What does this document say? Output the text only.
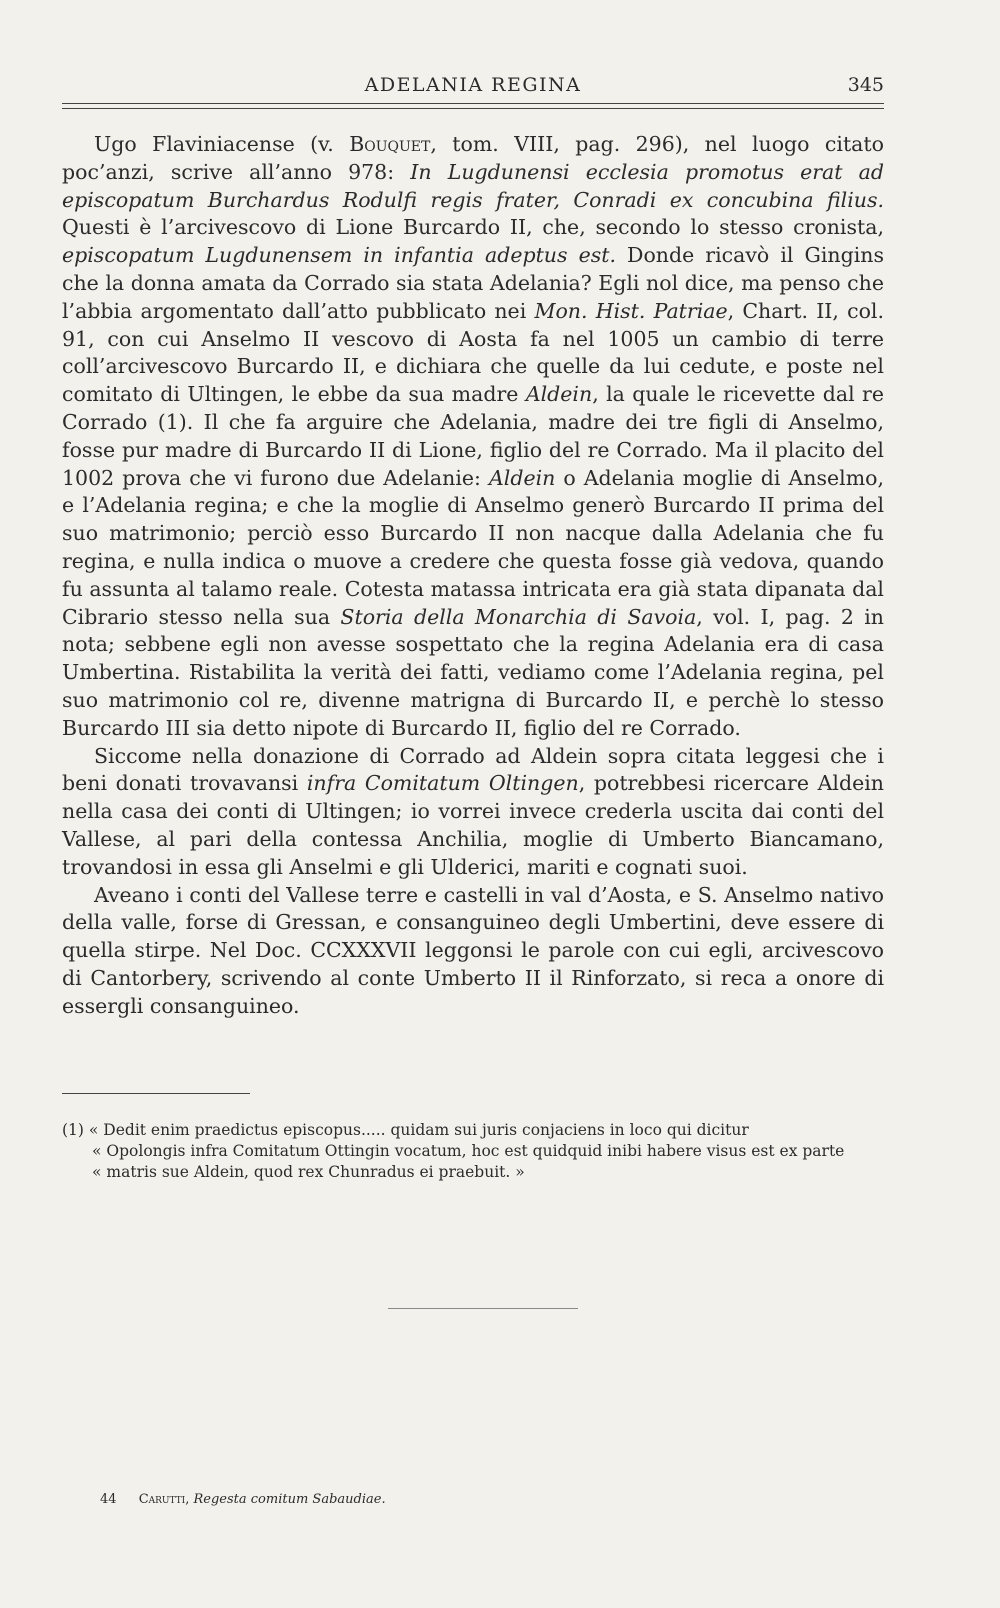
ADELANIA REGINA	345

Ugo Flaviniacense (v. Bouquet, tom. VIII, pag. 296), nel luogo citato poc’anzi, scrive all’anno 978: In Lugdunensi ecclesia promotus erat ad episcopatum Burchardus Rodulfi regis frater, Conradi ex concubina filius. Questi è l’arcivescovo di Lione Burcardo II, che, secondo lo stesso cronista, episcopatum Lugdunensem in infantia adeptus est. Donde ricavò il Gingins che la donna amata da Corrado sia stata Adelania? Egli nol dice, ma penso che l’abbia argomentato dall’atto pubblicato nei Mon. Hist. Patriae, Chart. II, col. 91, con cui Anselmo II vescovo di Aosta fa nel 1005 un cambio di terre coll’arcivescovo Burcardo II, e dichiara che quelle da lui cedute, e poste nel comitato di Ultingen, le ebbe da sua madre Aldein, la quale le ricevette dal re Corrado (1). Il che fa arguire che Adelania, madre dei tre figli di Anselmo, fosse pur madre di Burcardo II di Lione, figlio del re Corrado. Ma il placito del 1002 prova che vi furono due Adelanie: Aldein o Adelania moglie di Anselmo, e l’Adelania regina; e che la moglie di Anselmo generò Burcardo II prima del suo matrimonio; perciò esso Burcardo II non nacque dalla Adelania che fu regina, e nulla indica o muove a credere che questa fosse già vedova, quando fu assunta al talamo reale. Cotesta matassa intricata era già stata dipanata dal Cibrario stesso nella sua Storia della Monarchia di Savoia, vol. I, pag. 2 in nota; sebbene egli non avesse sospettato che la regina Adelania era di casa Umbertina. Ristabilita la verità dei fatti, vediamo come l’Adelania regina, pel suo matrimonio col re, divenne matrigna di Burcardo II, e perchè lo stesso Burcardo III sia detto nipote di Burcardo II, figlio del re Corrado.

Siccome nella donazione di Corrado ad Aldein sopra citata leggesi che i beni donati trovavansi infra Comitatum Oltingen, potrebbesi ricercare Aldein nella casa dei conti di Ultingen; io vorrei invece crederla uscita dai conti del Vallese, al pari della contessa Anchilia, moglie di Umberto Biancamano, trovandosi in essa gli Anselmi e gli Ulderici, mariti e cognati suoi.

Aveano i conti del Vallese terre e castelli in val d’Aosta, e S. Anselmo nativo della valle, forse di Gressan, e consanguineo degli Umbertini, deve essere di quella stirpe. Nel Doc. CCXXXVII leggonsi le parole con cui egli, arcivescovo di Cantorbery, scrivendo al conte Umberto II il Rinforzato, si reca a onore di essergli consanguineo.

(1) « Dedit enim praedictus episcopus..... quidam sui juris conjaciens in loco qui dicitur

« Opolongis infra Comitatum Ottingin vocatum, hoc est quidquid inibi habere visus est ex parte

« matris sue Aldein, quod rex Chunradus ei praebuit. »

44 Carutti, Regesta comitum Sabaudiae.
